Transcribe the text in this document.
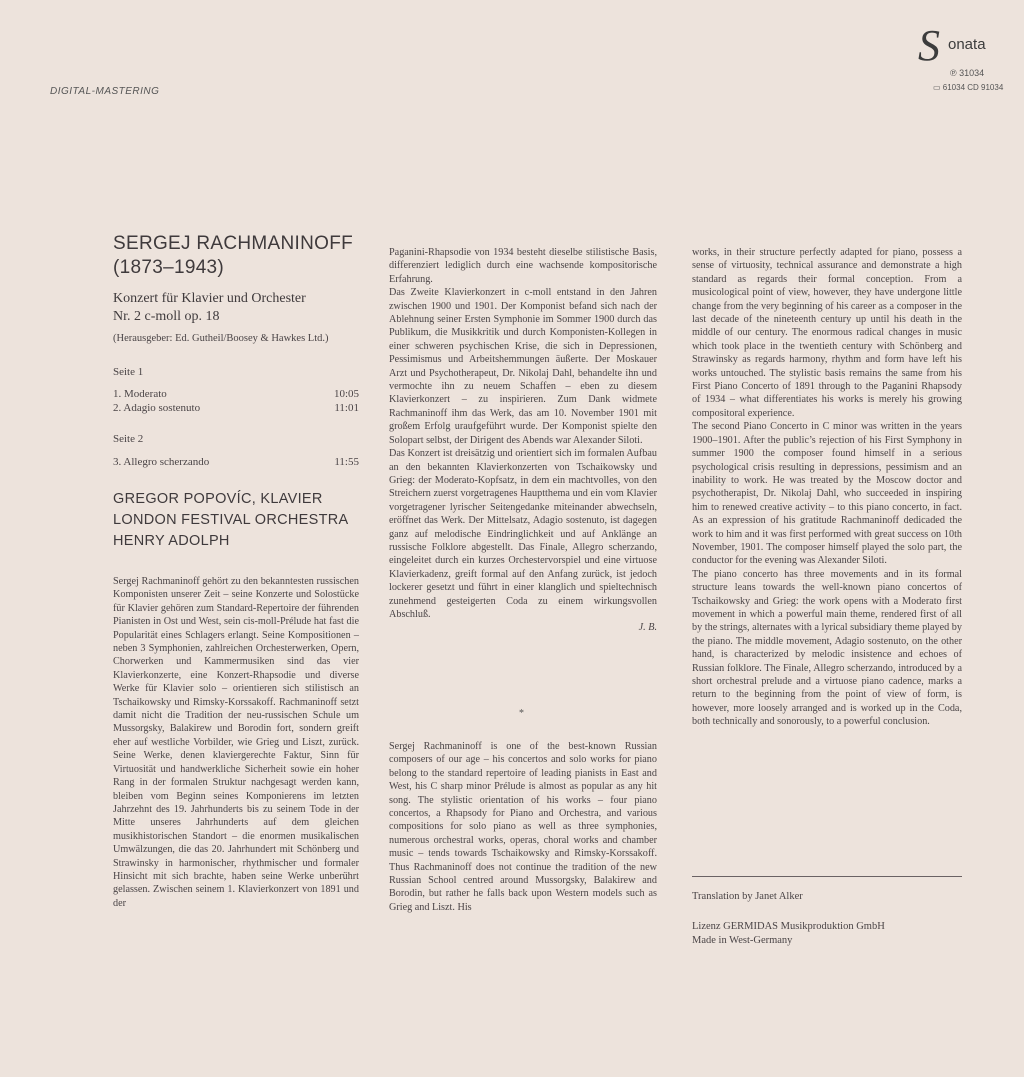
DIGITAL-MASTERING
S onata
℗ 31034
▭ 61034 CD 91034
SERGEJ RACHMANINOFF
(1873–1943)
Konzert für Klavier und Orchester
Nr. 2 c-moll op. 18
(Herausgeber: Ed. Gutheil/Boosey & Hawkes Ltd.)
Seite 1
1. Moderato	10:05
2. Adagio sostenuto	11:01
Seite 2
3. Allegro scherzando	11:55
GREGOR POPOVÍC, KLAVIER
LONDON FESTIVAL ORCHESTRA
HENRY ADOLPH

Sergej Rachmaninoff gehört zu den bekanntesten russischen Komponisten unserer Zeit – seine Konzerte und Solostücke für Klavier gehören zum Standard-Repertoire der führenden Pianisten in Ost und West, sein cis-moll-Prélude hat fast die Popularität eines Schlagers erlangt. Seine Kompositionen – neben 3 Symphonien, zahlreichen Orchesterwerken, Opern, Chorwerken und Kammermusiken sind das vier Klavierkonzerte, eine Konzert-Rhapsodie und diverse Werke für Klavier solo – orientieren sich stilistisch an Tschaikowsky und Rimsky-Korssakoff. Rachmaninoff setzt damit nicht die Tradition der neu-russischen Schule um Mussorgsky, Balakirew und Borodin fort, sondern greift eher auf westliche Vorbilder, wie Grieg und Liszt, zurück. Seine Werke, denen klaviergerechte Faktur, Sinn für Virtuosität und handwerkliche Sicherheit sowie ein hoher Rang in der formalen Struktur nachgesagt werden kann, bleiben vom Beginn seines Komponierens im letzten Jahrzehnt des 19. Jahrhunderts bis zu seinem Tode in der Mitte unseres Jahrhunderts auf dem gleichen musikhistorischen Standort – die enormen musikalischen Umwälzungen, die das 20. Jahrhundert mit Schönberg und Strawinsky in harmonischer, rhythmischer und formaler Hinsicht mit sich brachte, haben seine Werke unberührt gelassen. Zwischen seinem 1. Klavierkonzert von 1891 und der

Paganini-Rhapsodie von 1934 besteht dieselbe stilistische Basis, differenziert lediglich durch eine wachsende kompositorische Erfahrung.

Das Zweite Klavierkonzert in c-moll entstand in den Jahren zwischen 1900 und 1901. Der Komponist befand sich nach der Ablehnung seiner Ersten Symphonie im Sommer 1900 durch das Publikum, die Musikkritik und durch Komponisten-Kollegen in einer schweren psychischen Krise, die sich in Depressionen, Pessimismus und Arbeitshemmungen äußerte. Der Moskauer Arzt und Psychotherapeut, Dr. Nikolaj Dahl, behandelte ihn und vermochte ihn zu neuem Schaffen – eben zu diesem Klavierkonzert – zu inspirieren. Zum Dank widmete Rachmaninoff ihm das Werk, das am 10. November 1901 mit großem Erfolg uraufgeführt wurde. Der Komponist spielte den Solopart selbst, der Dirigent des Abends war Alexander Siloti.

Das Konzert ist dreisätzig und orientiert sich im formalen Aufbau an den bekannten Klavierkonzerten von Tschaikowsky und Grieg: der Moderato-Kopfsatz, in dem ein machtvolles, von den Streichern zuerst vorgetragenes Hauptthema und ein vom Klavier vorgetragener lyrischer Seitengedanke miteinander abwechseln, eröffnet das Werk. Der Mittelsatz, Adagio sostenuto, ist dagegen ganz auf melodische Eindringlichkeit und auf Anklänge an russische Folklore abgestellt. Das Finale, Allegro scherzando, eingeleitet durch ein kurzes Orchestervorspiel und eine virtuose Klavierkadenz, greift formal auf den Anfang zurück, ist jedoch lockerer gesetzt und führt in einer klanglich und spieltechnisch zunehmend gesteigerten Coda zu einem wirkungsvollen Abschluß.

J. B.

*

Sergej Rachmaninoff is one of the best-known Russian composers of our age – his concertos and solo works for piano belong to the standard repertoire of leading pianists in East and West, his C sharp minor Prélude is almost as popular as any hit song. The stylistic orientation of his works – four piano concertos, a Rhapsody for Piano and Orchestra, and various compositions for solo piano as well as three symphonies, numerous orchestral works, operas, choral works and chamber music – tends towards Tschaikowsky and Rimsky-Korssakoff. Thus Rachmaninoff does not continue the tradition of the new Russian School centred around Mussorgsky, Balakirew and Borodin, but rather he falls back upon Western models such as Grieg and Liszt. His

works, in their structure perfectly adapted for piano, possess a sense of virtuosity, technical assurance and demonstrate a high standard as regards their formal conception. From a musicological point of view, however, they have undergone little change from the very beginning of his career as a composer in the last decade of the nineteenth century up until his death in the middle of our century. The enormous radical changes in music which took place in the twentieth century with Schönberg and Strawinsky as regards harmony, rhythm and form have left his works untouched. The stylistic basis remains the same from his First Piano Concerto of 1891 through to the Paganini Rhapsody of 1934 – what differentiates his works is merely his growing compositoral experience.

The second Piano Concerto in C minor was written in the years 1900–1901. After the public’s rejection of his First Symphony in summer 1900 the composer found himself in a serious psychological crisis resulting in depressions, pessimism and an inability to work. He was treated by the Moscow doctor and psychotherapist, Dr. Nikolaj Dahl, who succeeded in inspiring him to renewed creative activity – to this piano concerto, in fact. As an expression of his gratitude Rachmaninoff dedicaded the work to him and it was first performed with great success on 10th November, 1901. The composer himself played the solo part, the conductor for the evening was Alexander Siloti.

The piano concerto has three movements and in its formal structure leans towards the well-known piano concertos of Tschaikowsky and Grieg: the work opens with a Moderato first movement in which a powerful main theme, rendered first of all by the strings, alternates with a lyrical subsidiary theme played by the piano. The middle movement, Adagio sostenuto, on the other hand, is characterized by melodic insistence and echoes of Russian folklore. The Finale, Allegro scherzando, introduced by a short orchestral prelude and a virtuose piano cadence, marks a return to the beginning from the point of view of form, is however, more loosely arranged and is worked up in the Coda, both technically and sonorously, to a powerful conclusion.

Translation by Janet Alker
Lizenz GERMIDAS Musikproduktion GmbH
Made in West-Germany
